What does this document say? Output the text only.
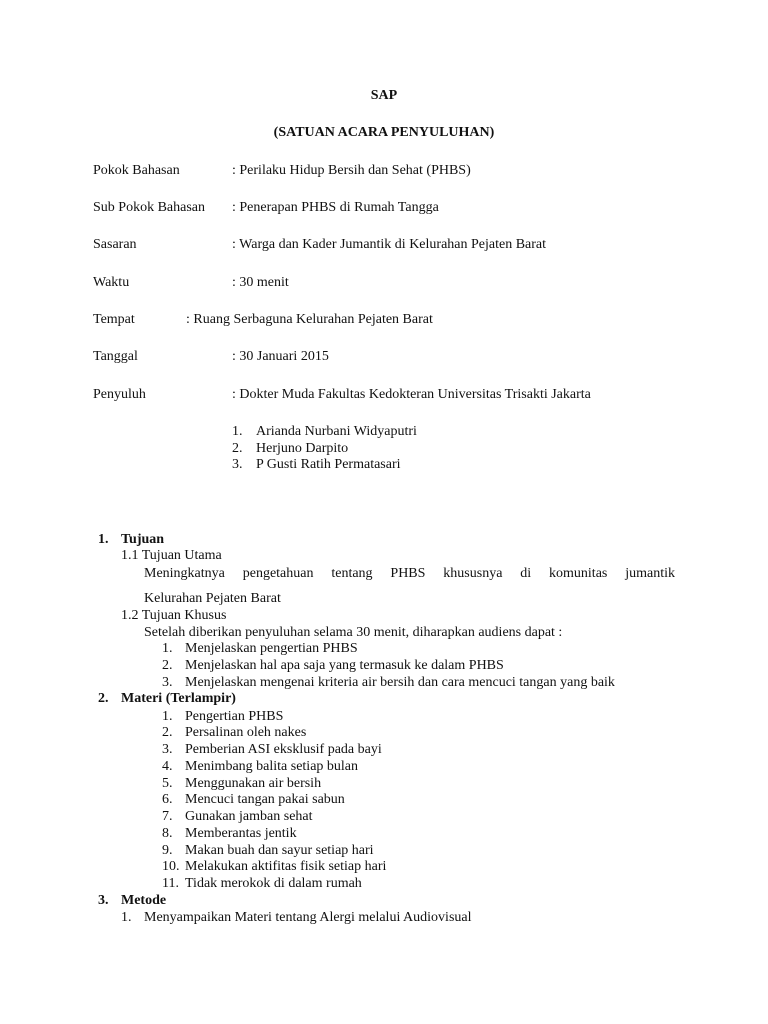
SAP
(SATUAN ACARA PENYULUHAN)
Pokok Bahasan	: Perilaku Hidup Bersih dan Sehat (PHBS)
Sub Pokok Bahasan : Penerapan PHBS di Rumah Tangga
Sasaran	: Warga dan Kader Jumantik di Kelurahan Pejaten Barat
Waktu	: 30 menit
Tempat	: Ruang Serbaguna Kelurahan Pejaten Barat
Tanggal	: 30 Januari 2015
Penyuluh	: Dokter Muda Fakultas Kedokteran Universitas Trisakti Jakarta
1. Arianda Nurbani Widyaputri
2. Herjuno Darpito
3. P Gusti Ratih Permatasari
1. Tujuan
1.1 Tujuan Utama
Meningkatnya pengetahuan tentang PHBS khususnya di komunitas jumantik
Kelurahan Pejaten Barat
1.2 Tujuan Khusus
Setelah diberikan penyuluhan selama 30 menit, diharapkan audiens dapat :
1. Menjelaskan pengertian PHBS
2. Menjelaskan hal apa saja yang termasuk ke dalam PHBS
3. Menjelaskan mengenai kriteria air bersih dan cara mencuci tangan yang baik
2. Materi (Terlampir)
1. Pengertian PHBS
2. Persalinan oleh nakes
3. Pemberian ASI eksklusif pada bayi
4. Menimbang balita setiap bulan
5. Menggunakan air bersih
6. Mencuci tangan pakai sabun
7. Gunakan jamban sehat
8. Memberantas jentik
9. Makan buah dan sayur setiap hari
10. Melakukan aktifitas fisik setiap hari
11. Tidak merokok di dalam rumah
3. Metode
1. Menyampaikan Materi tentang Alergi melalui Audiovisual
